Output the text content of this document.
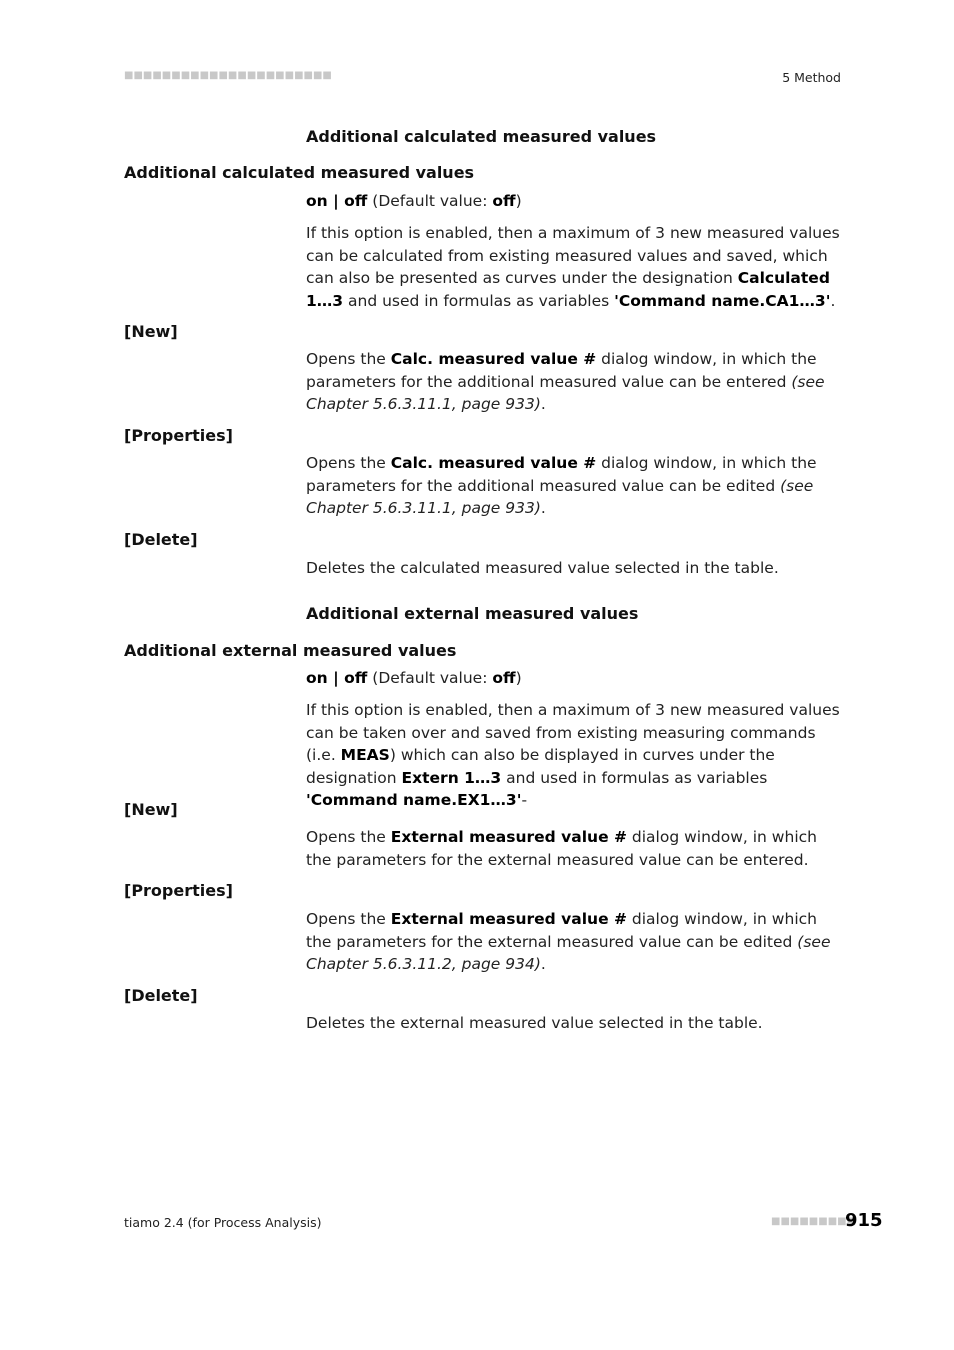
■■■■■■■■■■■■■■■■■■■■■■	5 Method
Additional calculated measured values
Additional calculated measured values
on | off (Default value: off)
If this option is enabled, then a maximum of 3 new measured values can be calculated from existing measured values and saved, which can also be presented as curves under the designation Calculated 1…3 and used in formulas as variables 'Command name.CA1…3'.
[New]
Opens the Calc. measured value # dialog window, in which the parameters for the additional measured value can be entered (see Chapter 5.6.3.11.1, page 933).
[Properties]
Opens the Calc. measured value # dialog window, in which the parameters for the additional measured value can be edited (see Chapter 5.6.3.11.1, page 933).
[Delete]
Deletes the calculated measured value selected in the table.
Additional external measured values
Additional external measured values
on | off (Default value: off)
If this option is enabled, then a maximum of 3 new measured values can be taken over and saved from existing measuring commands (i.e. MEAS) which can also be displayed in curves under the designation Extern 1…3 and used in formulas as variables 'Command name.EX1…3'-
[New]
Opens the External measured value # dialog window, in which the parameters for the external measured value can be entered.
[Properties]
Opens the External measured value # dialog window, in which the parameters for the external measured value can be edited (see Chapter 5.6.3.11.2, page 934).
[Delete]
Deletes the external measured value selected in the table.
tiamo 2.4 (for Process Analysis)	■■■■■■■■■
915
